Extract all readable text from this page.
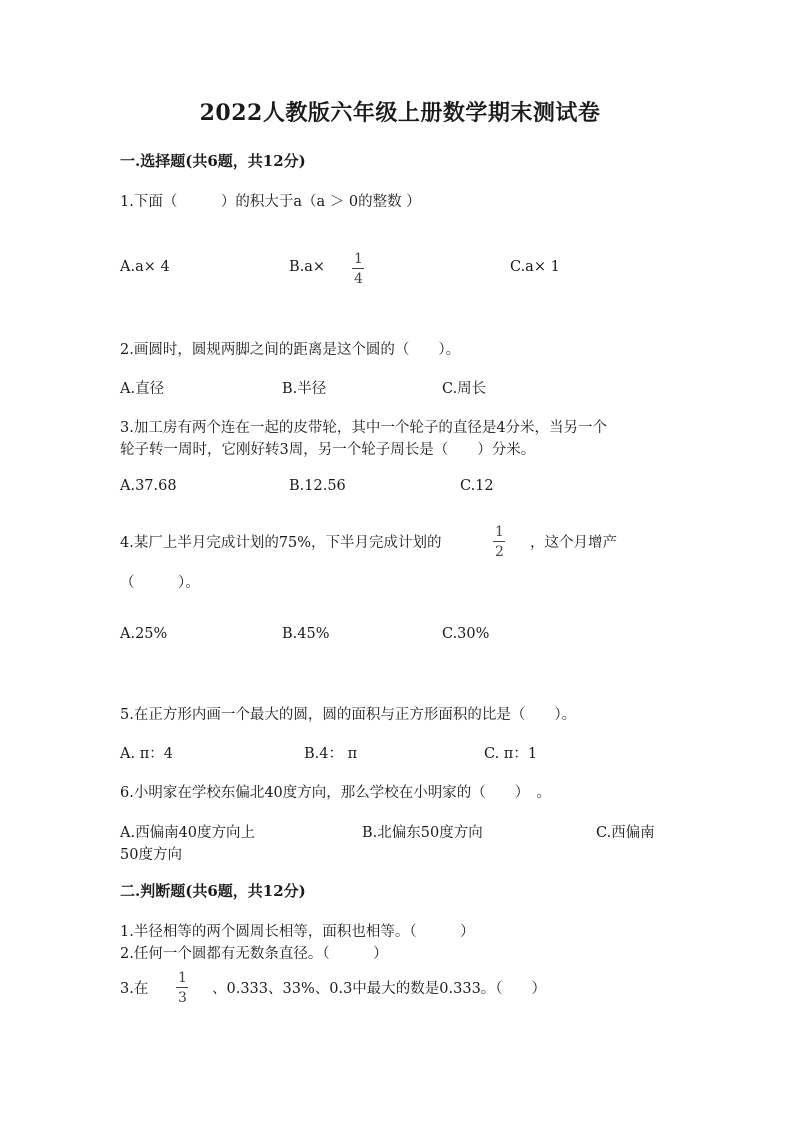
2022人教版六年级上册数学期末测试卷
一.选择题(共6题，共12分)
1.下面（　　　）的积大于a（a ＞ 0的整数 ）
A.a× 4	B.a× 1
4
C.a× 1
2.画圆时，圆规两脚之间的距离是这个圆的（　　）。
A.直径	B.半径	C.周长
3.加工房有两个连在一起的皮带轮，其中一个轮子的直径是4分米，当另一个
轮子转一周时，它刚好转3周，另一个轮子周长是（　　）分米。
A.37.68	B.12.56	C.12
4.某厂上半月完成计划的75%，下半月完成计划的
1
2
，这个月增产
（　　　）。
A.25%	B.45%	C.30%
5.在正方形内画一个最大的圆，圆的面积与正方形面积的比是（　　）。
A. π：4	B.4： π	C. π：1
6.小明家在学校东偏北40度方向，那么学校在小明家的（　　）　。
A.西偏南40度方向上	B.北偏东50度方向	C.西偏南
50度方向
二.判断题(共6题，共12分)
1.半径相等的两个圆周长相等，面积也相等。（　　　）
2.任何一个圆都有无数条直径。（　　　）
3.在
1
3
、0.333、33%、0.3中最大的数是0.333。（　　）
